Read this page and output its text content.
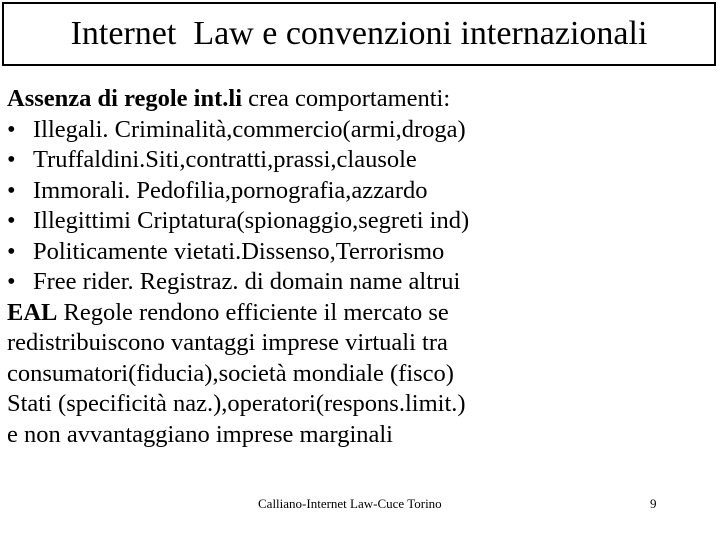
Internet  Law e convenzioni internazionali
Assenza di regole int.li crea comportamenti:
• Illegali. Criminalità,commercio(armi,droga)
• Truffaldini.Siti,contratti,prassi,clausole
• Immorali. Pedofilia,pornografia,azzardo
• Illegittimi Criptatura(spionaggio,segreti ind)
• Politicamente vietati.Dissenso,Terrorismo
• Free rider. Registraz. di domain name altrui
EAL Regole rendono efficiente il mercato se
redistribuiscono vantaggi imprese virtuali tra
consumatori(fiducia),società mondiale (fisco)
Stati (specificità naz.),operatori(respons.limit.)
e non avvantaggiano imprese marginali
Calliano-Internet Law-Cuce Torino	9
